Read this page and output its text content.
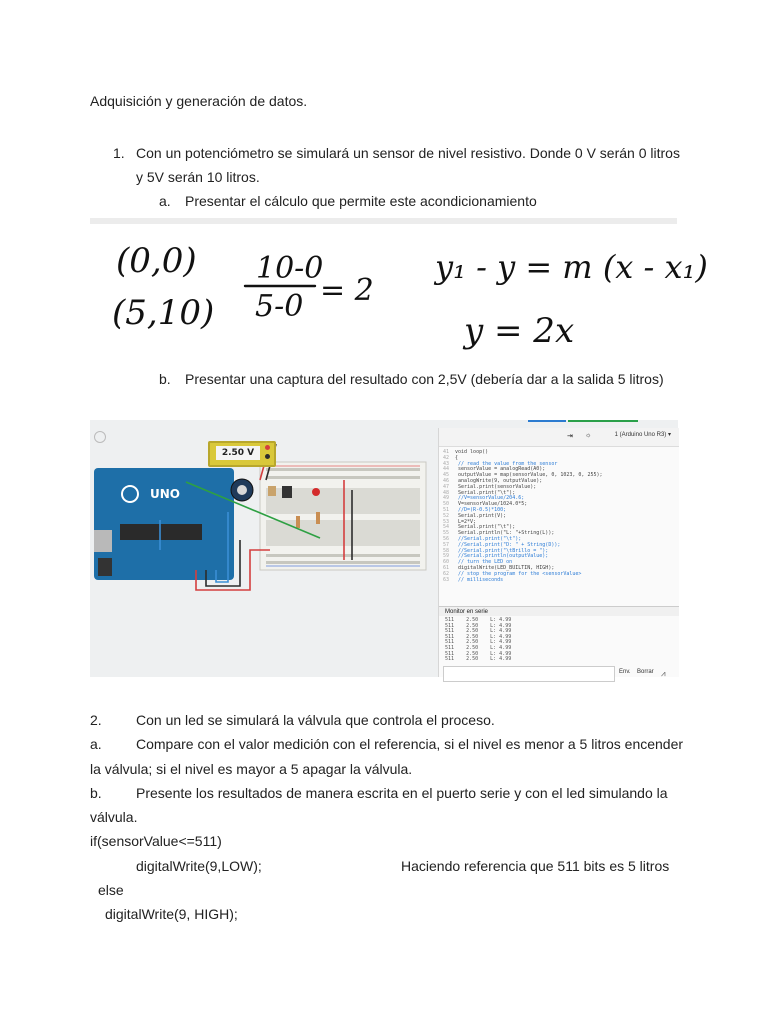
Adquisición y generación de datos.
1. Con un potenciómetro se simulará un sensor de nivel resistivo. Donde 0 V serán 0 litros
y 5V serán 10 litros.
a. Presentar el cálculo que permite este acondicionamiento
(0,0)
(5,10)
10-0
5-0 = 2
y₁ - y = m (x - x₁)
y = 2x
b. Presentar una captura del resultado con 2,5V (debería dar a la salida 5 litros)
UNO
2.50 V
⇥ ☼	1 (Arduino Uno R3) ▾
41 void loop()
42 {
43 // read the value from the sensor
44 sensorValue = analogRead(A0);
45 outputValue = map(sensorValue, 0, 1023, 0, 255);
46 analogWrite(9, outputValue);
47 Serial.print(sensorValue);
48 Serial.print("\t");
49 //V=sensorValue/204.6;
50 V=sensorValue/1024.0*5;
51 //D=(R-0.5)*100;
52 Serial.print(V);
53 L=2*V;
54 Serial.print("\t");
55 Serial.println("L: "+String(L));
56 //Serial.print("\t");
57 //Serial.print("D: " + String(D));
58 //Serial.print("\tBrillo = ");
59 //Serial.println(outputValue);
60 // turn the LED on
61 digitalWrite(LED_BUILTIN, HIGH);
62 // stop the program for the <sensorValue>
63 // milliseconds
Monitor en serie
511    2.50    L: 4.99
511    2.50    L: 4.99
511    2.50    L: 4.99
511    2.50    L: 4.99
511    2.50    L: 4.99
511    2.50    L: 4.99
511    2.50    L: 4.99
511    2.50    L: 4.99
Env. Borrar ⩘
2. Con un led se simulará la válvula que controla el proceso.
a. Compare con el valor medición con el referencia, si el nivel es menor a 5 litros encender
la válvula; si el nivel es mayor a 5 apagar la válvula.
b. Presente los resultados de manera escrita en el puerto serie y con el led simulando la
válvula.
if(sensorValue<=511)
digitalWrite(9,LOW);	Haciendo referencia que 511 bits es 5 litros
else
digitalWrite(9, HIGH);
